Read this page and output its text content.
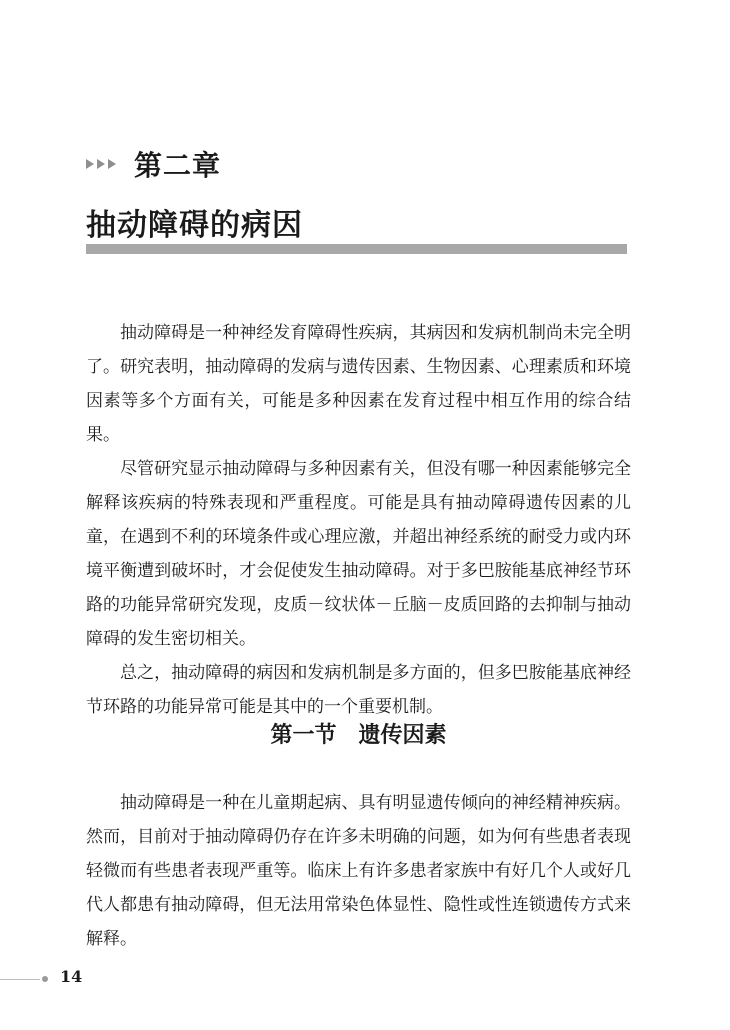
第二章
抽动障碍的病因

抽动障碍是一种神经发育障碍性疾病，其病因和发病机制尚未完全明了。研究表明，抽动障碍的发病与遗传因素、生物因素、心理素质和环境因素等多个方面有关，可能是多种因素在发育过程中相互作用的综合结果。

尽管研究显示抽动障碍与多种因素有关，但没有哪一种因素能够完全解释该疾病的特殊表现和严重程度。可能是具有抽动障碍遗传因素的儿童，在遇到不利的环境条件或心理应激，并超出神经系统的耐受力或内环境平衡遭到破坏时，才会促使发生抽动障碍。对于多巴胺能基底神经节环路的功能异常研究发现，皮质－纹状体－丘脑－皮质回路的去抑制与抽动障碍的发生密切相关。

总之，抽动障碍的病因和发病机制是多方面的，但多巴胺能基底神经节环路的功能异常可能是其中的一个重要机制。

第一节　遗传因素

抽动障碍是一种在儿童期起病、具有明显遗传倾向的神经精神疾病。然而，目前对于抽动障碍仍存在许多未明确的问题，如为何有些患者表现轻微而有些患者表现严重等。临床上有许多患者家族中有好几个人或好几代人都患有抽动障碍，但无法用常染色体显性、隐性或性连锁遗传方式来解释。

14
